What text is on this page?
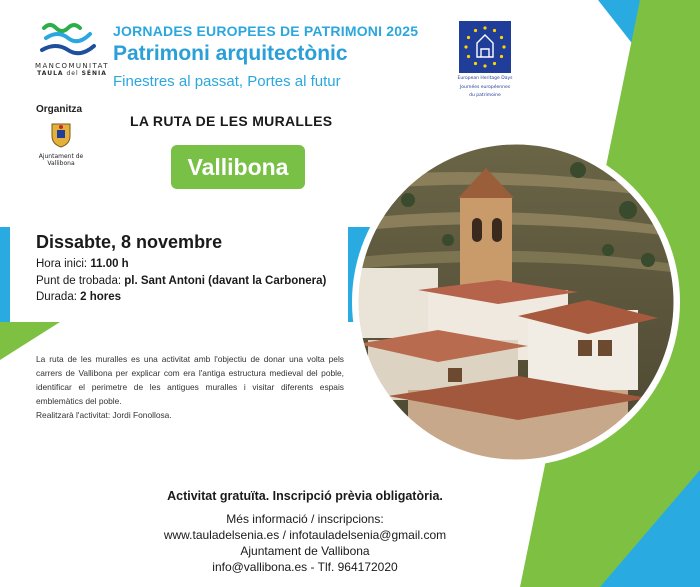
MANCOMUNITAT
TAULA del SÉNIA
Organitza
Ajuntament de
Vallibona
JORNADES EUROPEES DE PATRIMONI 2025
Patrimoni arquitectònic
Finestres al passat, Portes al futur	European Heritage Days
Journées européennes
du patrimoine
LA RUTA DE LES MURALLES
Vallibona
Dissabte, 8 novembre
Hora inici: 11.00 h
Punt de trobada: pl. Sant Antoni (davant la Carbonera)
Durada: 2 hores

La ruta de les muralles es una activitat amb l'objectiu de donar una volta pels carrers de Vallibona per explicar com era l'antiga estructura medieval del poble, identificar el perimetre de les antigues muralles i visitar diferents espais emblemàtics del poble.

Realitzarà l'activitat: Jordi Fonollosa.

Activitat gratuïta. Inscripció prèvia obligatòria.
Més informació / inscripcions:
www.tauladelsenia.es / infotauladelsenia@gmail.com
Ajuntament de Vallibona
info@vallibona.es - Tlf. 964172020
